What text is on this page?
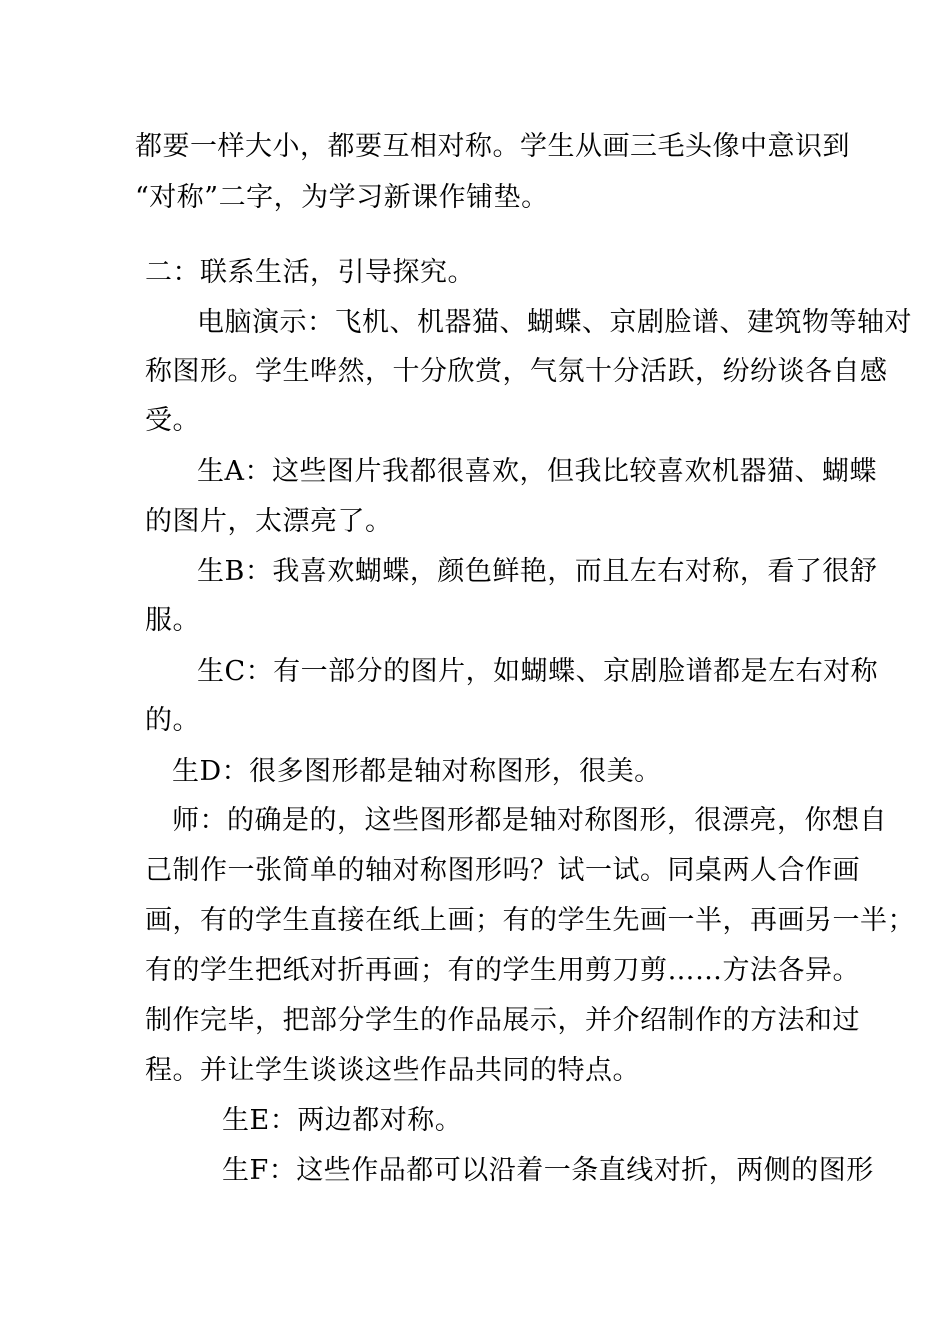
都要一样大小，都要互相对称。学生从画三毛头像中意识到
“对称”二字，为学习新课作铺垫。
二：联系生活，引导探究。
电脑演示：飞机、机器猫、蝴蝶、京剧脸谱、建筑物等轴对
称图形。学生哗然，十分欣赏，气氛十分活跃，纷纷谈各自感
受。
生A：这些图片我都很喜欢，但我比较喜欢机器猫、蝴蝶
的图片，太漂亮了。
生B：我喜欢蝴蝶，颜色鲜艳，而且左右对称，看了很舒
服。
生C：有一部分的图片，如蝴蝶、京剧脸谱都是左右对称
的。
生D：很多图形都是轴对称图形，很美。
师：的确是的，这些图形都是轴对称图形，很漂亮，你想自
己制作一张简单的轴对称图形吗？试一试。同桌两人合作画
画，有的学生直接在纸上画；有的学生先画一半，再画另一半；
有的学生把纸对折再画；有的学生用剪刀剪……方法各异。
制作完毕，把部分学生的作品展示，并介绍制作的方法和过
程。并让学生谈谈这些作品共同的特点。
生E：两边都对称。
生F：这些作品都可以沿着一条直线对折，两侧的图形
